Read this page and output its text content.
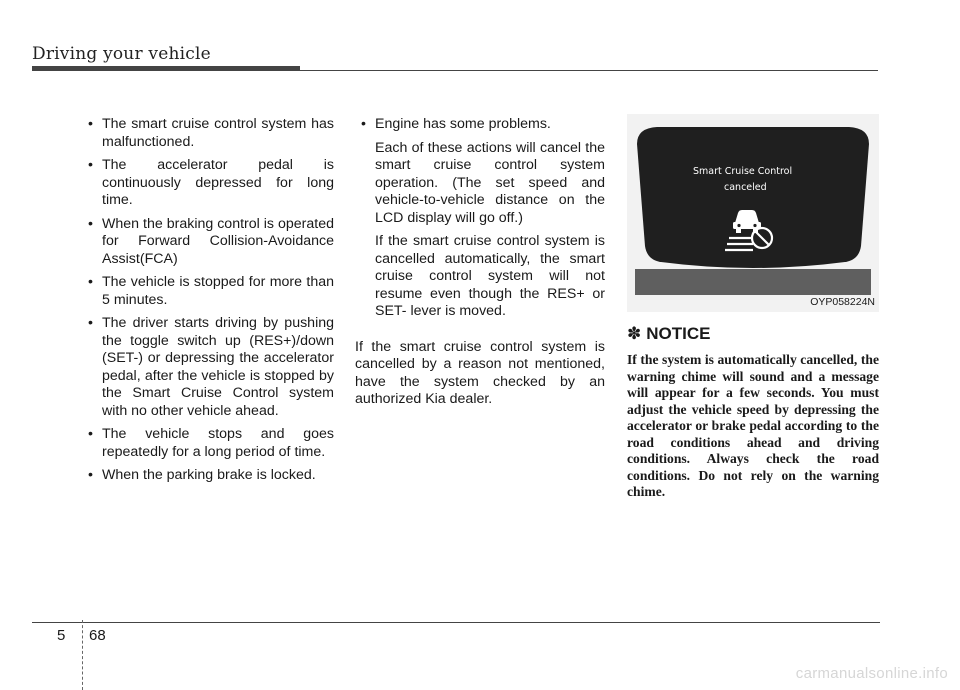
Driving your vehicle
• The smart cruise control system has malfunctioned.
• The accelerator pedal is continuously depressed for long time.
• When the braking control is operated for Forward Collision-Avoidance Assist(FCA)
• The vehicle is stopped for more than 5 minutes.
• The driver starts driving by pushing the toggle switch up (RES+)/down (SET-) or depressing the accelerator pedal, after the vehicle is stopped by the Smart Cruise Control system with no other vehicle ahead.
• The vehicle stops and goes repeatedly for a long period of time.
• When the parking brake is locked.
• Engine has some problems.

Each of these actions will cancel the smart cruise control system operation. (The set speed and vehicle-to-vehicle distance on the LCD display will go off.)

If the smart cruise control system is cancelled automatically, the smart cruise control system will not resume even though the RES+ or SET- lever is moved.

If the smart cruise control system is cancelled by a reason not mentioned, have the system checked by an authorized Kia dealer.

Smart Cruise Control
canceled
OYP058224N
✽ NOTICE

If the system is automatically cancelled, the warning chime will sound and a message will appear for a few seconds. You must adjust the vehicle speed by depressing the accelerator or brake pedal according to the road conditions ahead and driving conditions. Always check the road conditions. Do not rely on the warning chime.

5 68
carmanualsonline.info
